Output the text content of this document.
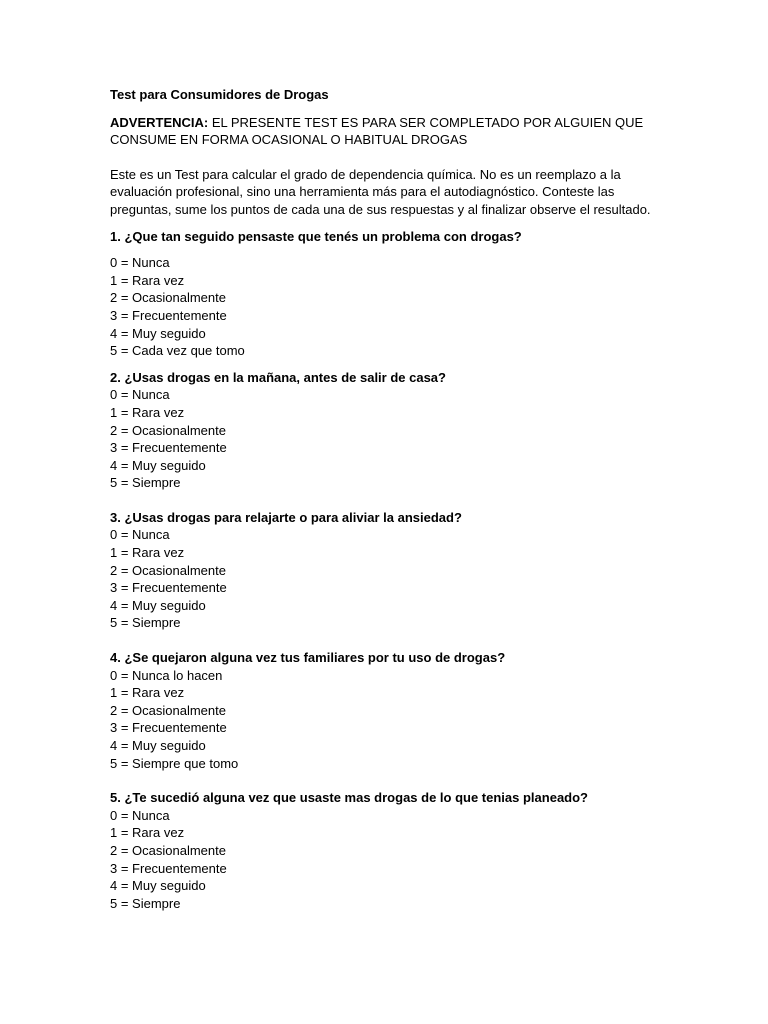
Test para Consumidores de Drogas
ADVERTENCIA: EL PRESENTE TEST ES PARA SER COMPLETADO POR ALGUIEN QUE CONSUME EN FORMA OCASIONAL O HABITUAL DROGAS
Este es un Test para calcular el grado de dependencia química. No es un reemplazo a la evaluación profesional, sino una herramienta más para el autodiagnóstico. Conteste las preguntas, sume los puntos de cada una de sus respuestas y al finalizar observe el resultado.
1. ¿Que tan seguido pensaste que tenés un problema con drogas?
0 = Nunca
1 = Rara vez
2 = Ocasionalmente
3 = Frecuentemente
4 = Muy seguido
5 = Cada vez que tomo
2. ¿Usas drogas en la mañana, antes de salir de casa?
0 = Nunca
1 = Rara vez
2 = Ocasionalmente
3 = Frecuentemente
4 = Muy seguido
5 = Siempre
3. ¿Usas drogas para relajarte o para aliviar la ansiedad?
0 = Nunca
1 = Rara vez
2 = Ocasionalmente
3 = Frecuentemente
4 = Muy seguido
5 = Siempre
4. ¿Se quejaron alguna vez tus familiares por tu uso de drogas?
0 = Nunca lo hacen
1 = Rara vez
2 = Ocasionalmente
3 = Frecuentemente
4 = Muy seguido
5 = Siempre que tomo
5. ¿Te sucedió alguna vez que usaste mas drogas de lo que tenias planeado?
0 = Nunca
1 = Rara vez
2 = Ocasionalmente
3 = Frecuentemente
4 = Muy seguido
5 = Siempre
